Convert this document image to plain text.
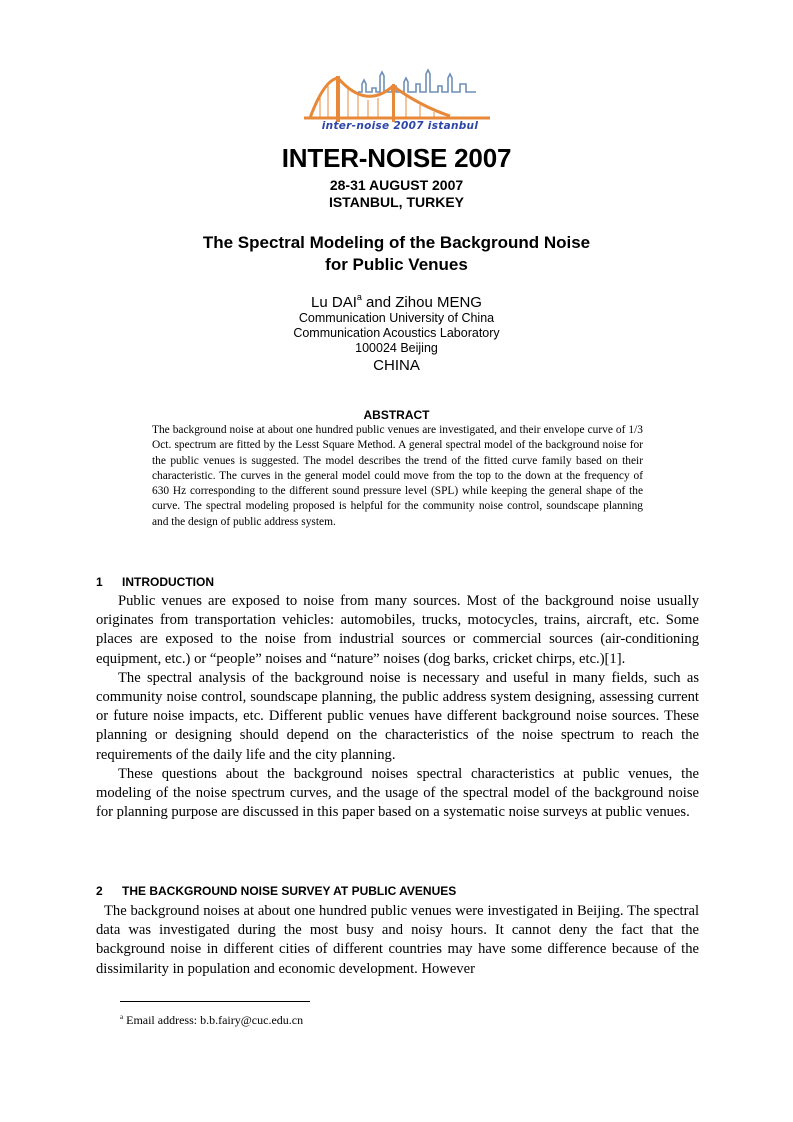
inter-noise 2007 istanbul
INTER-NOISE 2007
28-31 AUGUST 2007
ISTANBUL, TURKEY
The Spectral Modeling of the Background Noise
for Public Venues
Lu DAI$^a$ and Zihou MENG
Communication University of China
Communication Acoustics Laboratory
100024 Beijing
CHINA
ABSTRACT
The background noise at about one hundred public venues are investigated, and their envelope curve of 1/3 Oct. spectrum are fitted by the Lesst Square Method. A general spectral model of the background noise for the public venues is suggested. The model describes the trend of the fitted curve family based on their characteristic. The curves in the general model could move from the top to the down at the frequency of 630 Hz corresponding to the different sound pressure level (SPL) while keeping the general shape of the curve. The spectral modeling proposed is helpful for the community noise control, soundscape planning and the design of public address system.
1 INTRODUCTION

Public venues are exposed to noise from many sources. Most of the background noise usually originates from transportation vehicles: automobiles, trucks, motocycles, trains, aircraft, etc. Some places are exposed to the noise from industrial sources or commercial sources (air-conditioning equipment, etc.) or “people” noises and “nature” noises (dog barks, cricket chirps, etc.)[1].

The spectral analysis of the background noise is necessary and useful in many fields, such as community noise control, soundscape planning, the public address system designing, assessing current or future noise impacts, etc. Different public venues have different background noise sources. These planning or designing should depend on the characteristics of the noise spectrum to reach the requirements of the daily life and the city planning.

These questions about the background noises spectral characteristics at public venues, the modeling of the noise spectrum curves, and the usage of the spectral model of the background noise for planning purpose are discussed in this paper based on a systematic noise surveys at public venues.

2 THE BACKGROUND NOISE SURVEY AT PUBLIC AVENUES

The background noises at about one hundred public venues were investigated in Beijing. The spectral data was investigated during the most busy and noisy hours. It cannot deny the fact that the background noise in different cities of different countries may have some difference because of the dissimilarity in population and economic development. However

$^a$ Email address: b.b.fairy@cuc.edu.cn
